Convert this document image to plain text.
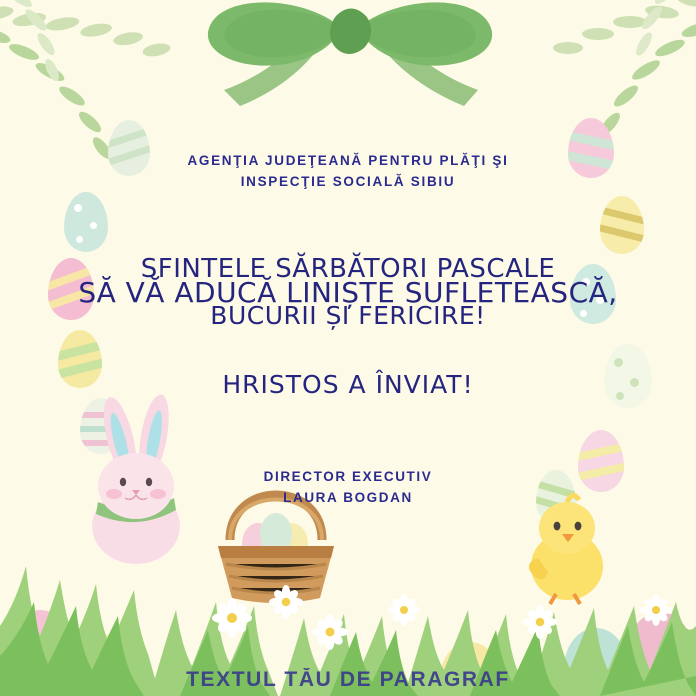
AGENŢIA JUDEŢEANĂ PENTRU PLĂŢI ŞI
INSPECŢIE SOCIALĂ SIBIU
SFINTELE SĂRBĂTORI PASCALE
SĂ VĂ ADUCĂ LINIȘTE SUFLETEASCĂ,
BUCURII ȘI FERICIRE!
HRISTOS A ÎNVIAT!
DIRECTOR EXECUTIV
LAURA BOGDAN
TEXTUL TĂU DE PARAGRAF
